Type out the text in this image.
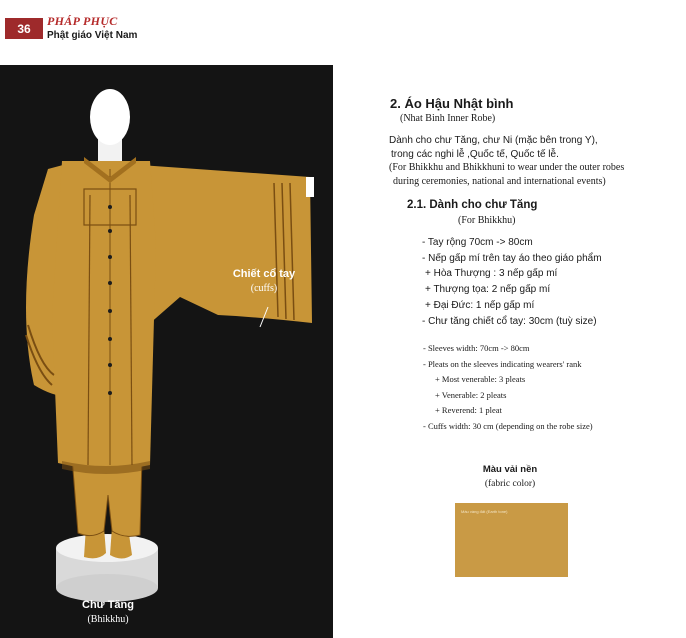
36
PHÁP PHỤC
Phật giáo Việt Nam
Chiết cổ tay
(cuffs)
Chư Tăng
(Bhikkhu)
2. Áo Hậu Nhật bình
(Nhat Binh Inner Robe)
Dành cho chư Tăng, chư Ni (mặc bên trong Y),
trong các nghi lễ ,Quốc tế, Quốc tế lễ.
(For Bhikkhu and Bhikkhuni to wear under the outer robes
during ceremonies, national and international events)
2.1. Dành cho chư Tăng
(For Bhikkhu)
- Tay rộng 70cm -> 80cm
- Nếp gấp mí trên tay áo theo giáo phẩm
+ Hòa Thượng : 3 nếp gấp mí
+ Thượng tọa: 2 nếp gấp mí
+ Đại Đức: 1 nếp gấp mí
- Chư tăng chiết cổ tay: 30cm (tuỳ size)
- Sleeves width: 70cm -> 80cm
- Pleats on the sleeves indicating wearers' rank
+ Most venerable: 3 pleats
+ Venerable: 2 pleats
+ Reverend: 1 pleat
- Cuffs width: 30 cm (depending on the robe size)
Màu vải nền
(fabric color)
Màu vàng đất (Earth tone)
